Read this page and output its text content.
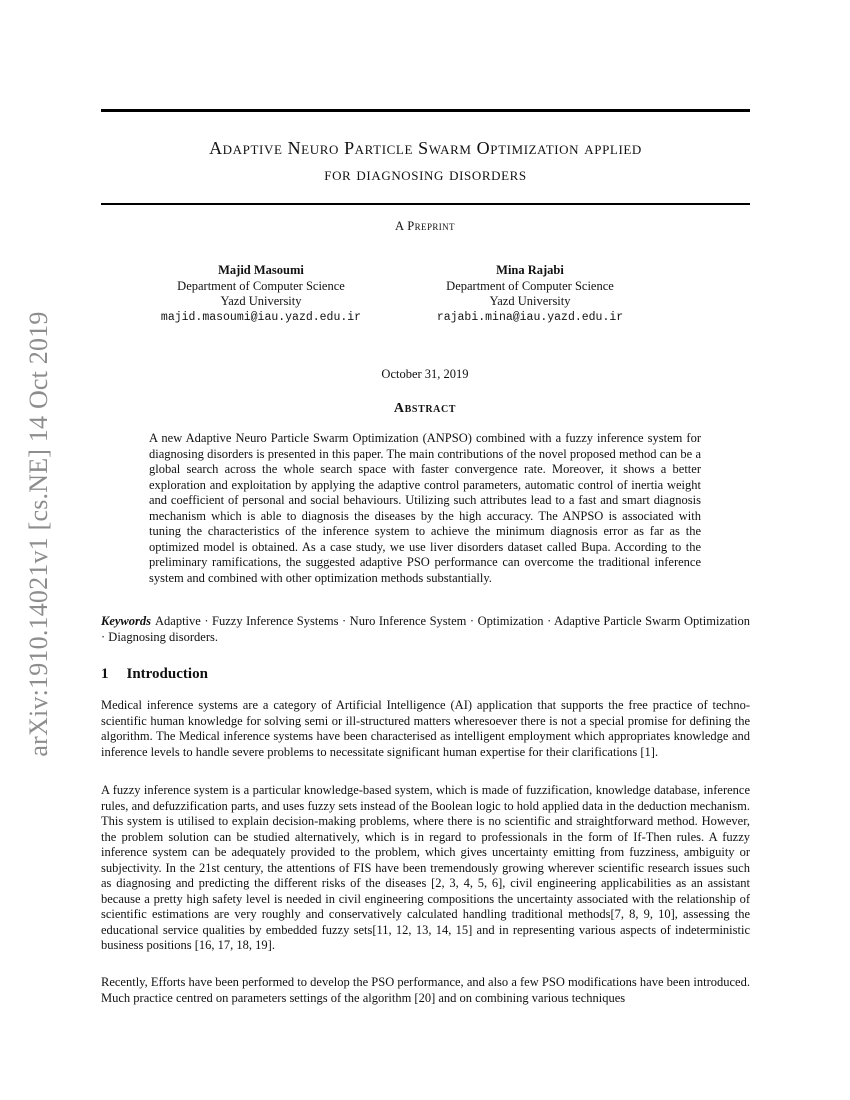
arXiv:1910.14021v1 [cs.NE] 14 Oct 2019
Adaptive Neuro Particle Swarm Optimization applied
for diagnosing disorders
A Preprint
Majid Masoumi
Department of Computer Science
Yazd University
majid.masoumi@iau.yazd.edu.ir
Mina Rajabi
Department of Computer Science
Yazd University
rajabi.mina@iau.yazd.edu.ir
October 31, 2019
Abstract
A new Adaptive Neuro Particle Swarm Optimization (ANPSO) combined with a fuzzy inference system for diagnosing disorders is presented in this paper. The main contributions of the novel proposed method can be a global search across the whole search space with faster convergence rate. Moreover, it shows a better exploration and exploitation by applying the adaptive control parameters, automatic control of inertia weight and coefficient of personal and social behaviours. Utilizing such attributes lead to a fast and smart diagnosis mechanism which is able to diagnosis the diseases by the high accuracy. The ANPSO is associated with tuning the characteristics of the inference system to achieve the minimum diagnosis error as far as the optimized model is obtained. As a case study, we use liver disorders dataset called Bupa. According to the preliminary ramifications, the suggested adaptive PSO performance can overcome the traditional inference system and combined with other optimization methods substantially.
Keywords Adaptive · Fuzzy Inference Systems · Nuro Inference System · Optimization · Adaptive Particle Swarm Optimization · Diagnosing disorders.
1 Introduction

Medical inference systems are a category of Artificial Intelligence (AI) application that supports the free practice of techno-scientific human knowledge for solving semi or ill-structured matters wheresoever there is not a special promise for defining the algorithm. The Medical inference systems have been characterised as intelligent employment which appropriates knowledge and inference levels to handle severe problems to necessitate significant human expertise for their clarifications [1].

A fuzzy inference system is a particular knowledge-based system, which is made of fuzzification, knowledge database, inference rules, and defuzzification parts, and uses fuzzy sets instead of the Boolean logic to hold applied data in the deduction mechanism. This system is utilised to explain decision-making problems, where there is no scientific and straightforward method. However, the problem solution can be studied alternatively, which is in regard to professionals in the form of If-Then rules. A fuzzy inference system can be adequately provided to the problem, which gives uncertainty emitting from fuzziness, ambiguity or subjectivity. In the 21st century, the attentions of FIS have been tremendously growing wherever scientific research issues such as diagnosing and predicting the different risks of the diseases [2, 3, 4, 5, 6], civil engineering applicabilities as an assistant because a pretty high safety level is needed in civil engineering compositions the uncertainty associated with the relationship of scientific estimations are very roughly and conservatively calculated handling traditional methods[7, 8, 9, 10], assessing the educational service qualities by embedded fuzzy sets[11, 12, 13, 14, 15] and in representing various aspects of indeterministic business positions [16, 17, 18, 19].

Recently, Efforts have been performed to develop the PSO performance, and also a few PSO modifications have been introduced. Much practice centred on parameters settings of the algorithm [20] and on combining various techniques
